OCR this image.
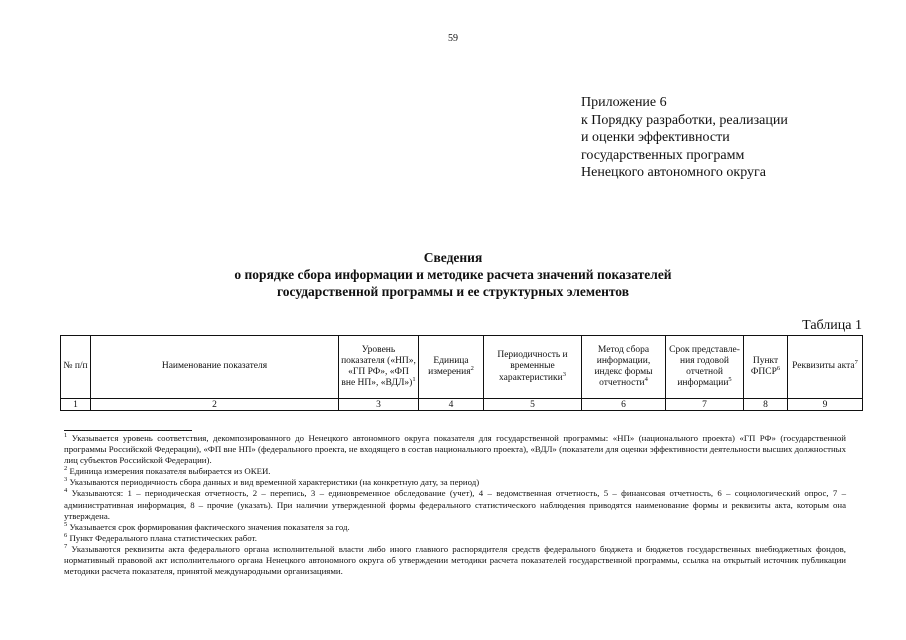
59
Приложение 6
к Порядку разработки, реализации
и оценки эффективности
государственных программ
Ненецкого автономного округа
Сведения
о порядке сбора информации и методике расчета значений показателей
государственной программы и ее структурных элементов
Таблица 1
№ п/п	Наименование показателя	Уровень показателя («НП», «ГП РФ», «ФП вне НП», «ВДЛ»)$^1$	Единица измерения$^2$	Периодичность и временные характеристики$^3$	Метод сбора информации, индекс формы отчетности$^4$	Срок представле-ния годовой отчетной информации$^5$	Пункт ФПСР$^6$	Реквизиты акта$^7$
1	2	3	4	5	6	7	8	9

$^1$ Указывается уровень соответствия, декомпозированного до Ненецкого автономного округа показателя для государственной программы: «НП» (национального проекта) «ГП РФ» (государственной программы Российской Федерации), «ФП вне НП» (федерального проекта, не входящего в состав национального проекта), «ВДЛ» (показатели для оценки эффективности деятельности высших должностных лиц субъектов Российской Федерации).

$^2$ Единица измерения показателя выбирается из ОКЕИ.

$^3$ Указываются периодичность сбора данных и вид временной характеристики (на конкретную дату, за период)

$^4$ Указываются: 1 – периодическая отчетность, 2 – перепись, 3 – единовременное обследование (учет), 4 – ведомственная отчетность, 5 – финансовая отчетность, 6 – социологический опрос, 7 – административная информация, 8 – прочие (указать). При наличии утвержденной формы федерального статистического наблюдения приводятся наименование формы и реквизиты акта, которым она утверждена.

$^5$ Указывается срок формирования фактического значения показателя за год.

$^6$ Пункт Федерального плана статистических работ.

$^7$ Указываются реквизиты акта федерального органа исполнительной власти либо иного главного распорядителя средств федерального бюджета и бюджетов государственных внебюджетных фондов, нормативный правовой акт исполнительного органа Ненецкого автономного округа об утверждении методики расчета показателей государственной программы, ссылка на открытый источник публикации методики расчета показателя, принятой международными организациями.
